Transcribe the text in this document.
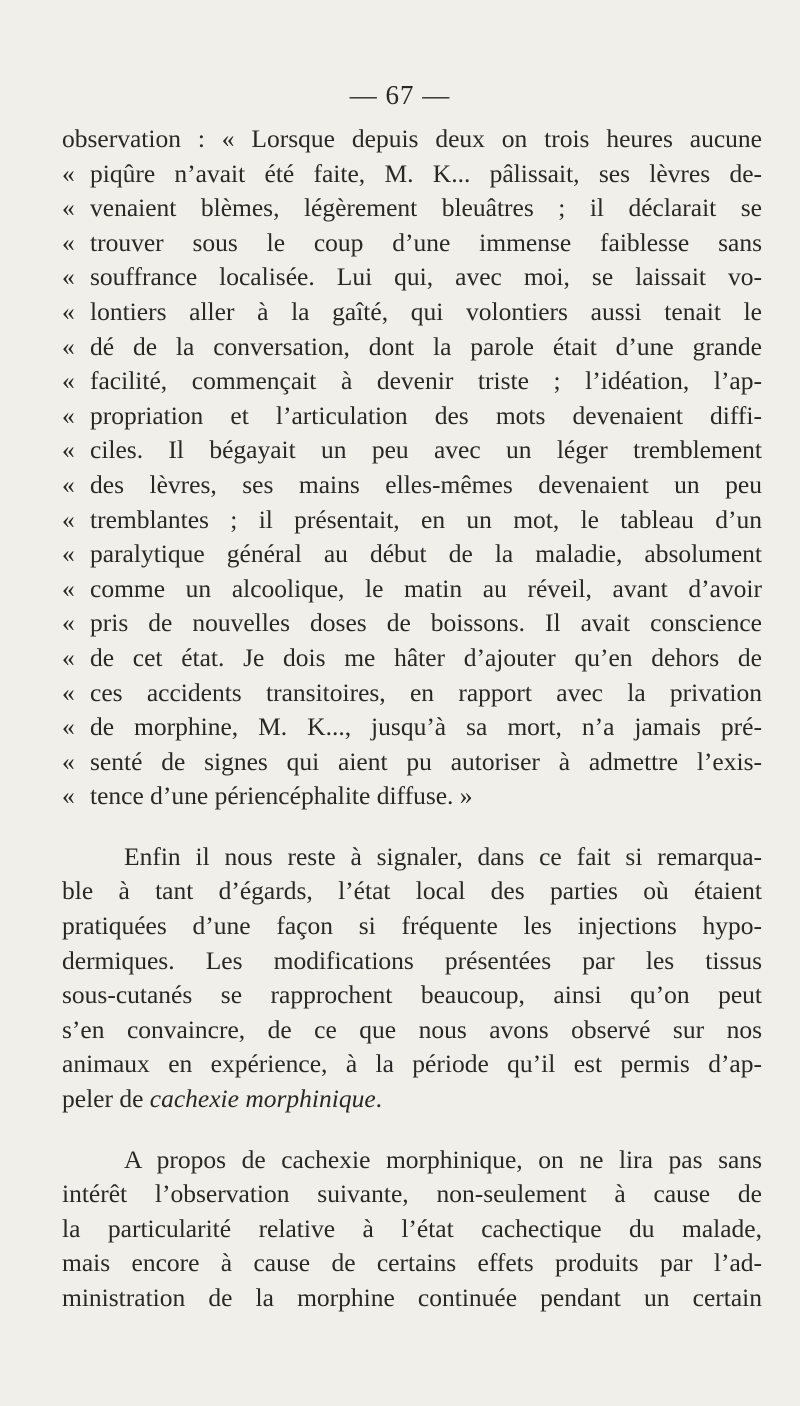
— 67 —
observation : « Lorsque depuis deux on trois heures aucune
« piqûre n’avait été faite, M. K... pâlissait, ses lèvres de-
« venaient blèmes, légèrement bleuâtres ; il déclarait se
« trouver sous le coup d’une immense faiblesse sans
« souffrance localisée. Lui qui, avec moi, se laissait vo-
« lontiers aller à la gaîté, qui volontiers aussi tenait le
« dé de la conversation, dont la parole était d’une grande
« facilité, commençait à devenir triste ; l’idéation, l’ap-
« propriation et l’articulation des mots devenaient diffi-
« ciles. Il bégayait un peu avec un léger tremblement
« des lèvres, ses mains elles-mêmes devenaient un peu
« tremblantes ; il présentait, en un mot, le tableau d’un
« paralytique général au début de la maladie, absolument
« comme un alcoolique, le matin au réveil, avant d’avoir
« pris de nouvelles doses de boissons. Il avait conscience
« de cet état. Je dois me hâter d’ajouter qu’en dehors de
« ces accidents transitoires, en rapport avec la privation
« de morphine, M. K..., jusqu’à sa mort, n’a jamais pré-
« senté de signes qui aient pu autoriser à admettre l’exis-
« tence d’une périencéphalite diffuse. »
Enfin il nous reste à signaler, dans ce fait si remarqua-
ble à tant d’égards, l’état local des parties où étaient
pratiquées d’une façon si fréquente les injections hypo-
dermiques. Les modifications présentées par les tissus
sous-cutanés se rapprochent beaucoup, ainsi qu’on peut
s’en convaincre, de ce que nous avons observé sur nos
animaux en expérience, à la période qu’il est permis d’ap-
peler de cachexie morphinique.
A propos de cachexie morphinique, on ne lira pas sans
intérêt l’observation suivante, non-seulement à cause de
la particularité relative à l’état cachectique du malade,
mais encore à cause de certains effets produits par l’ad-
ministration de la morphine continuée pendant un certain
